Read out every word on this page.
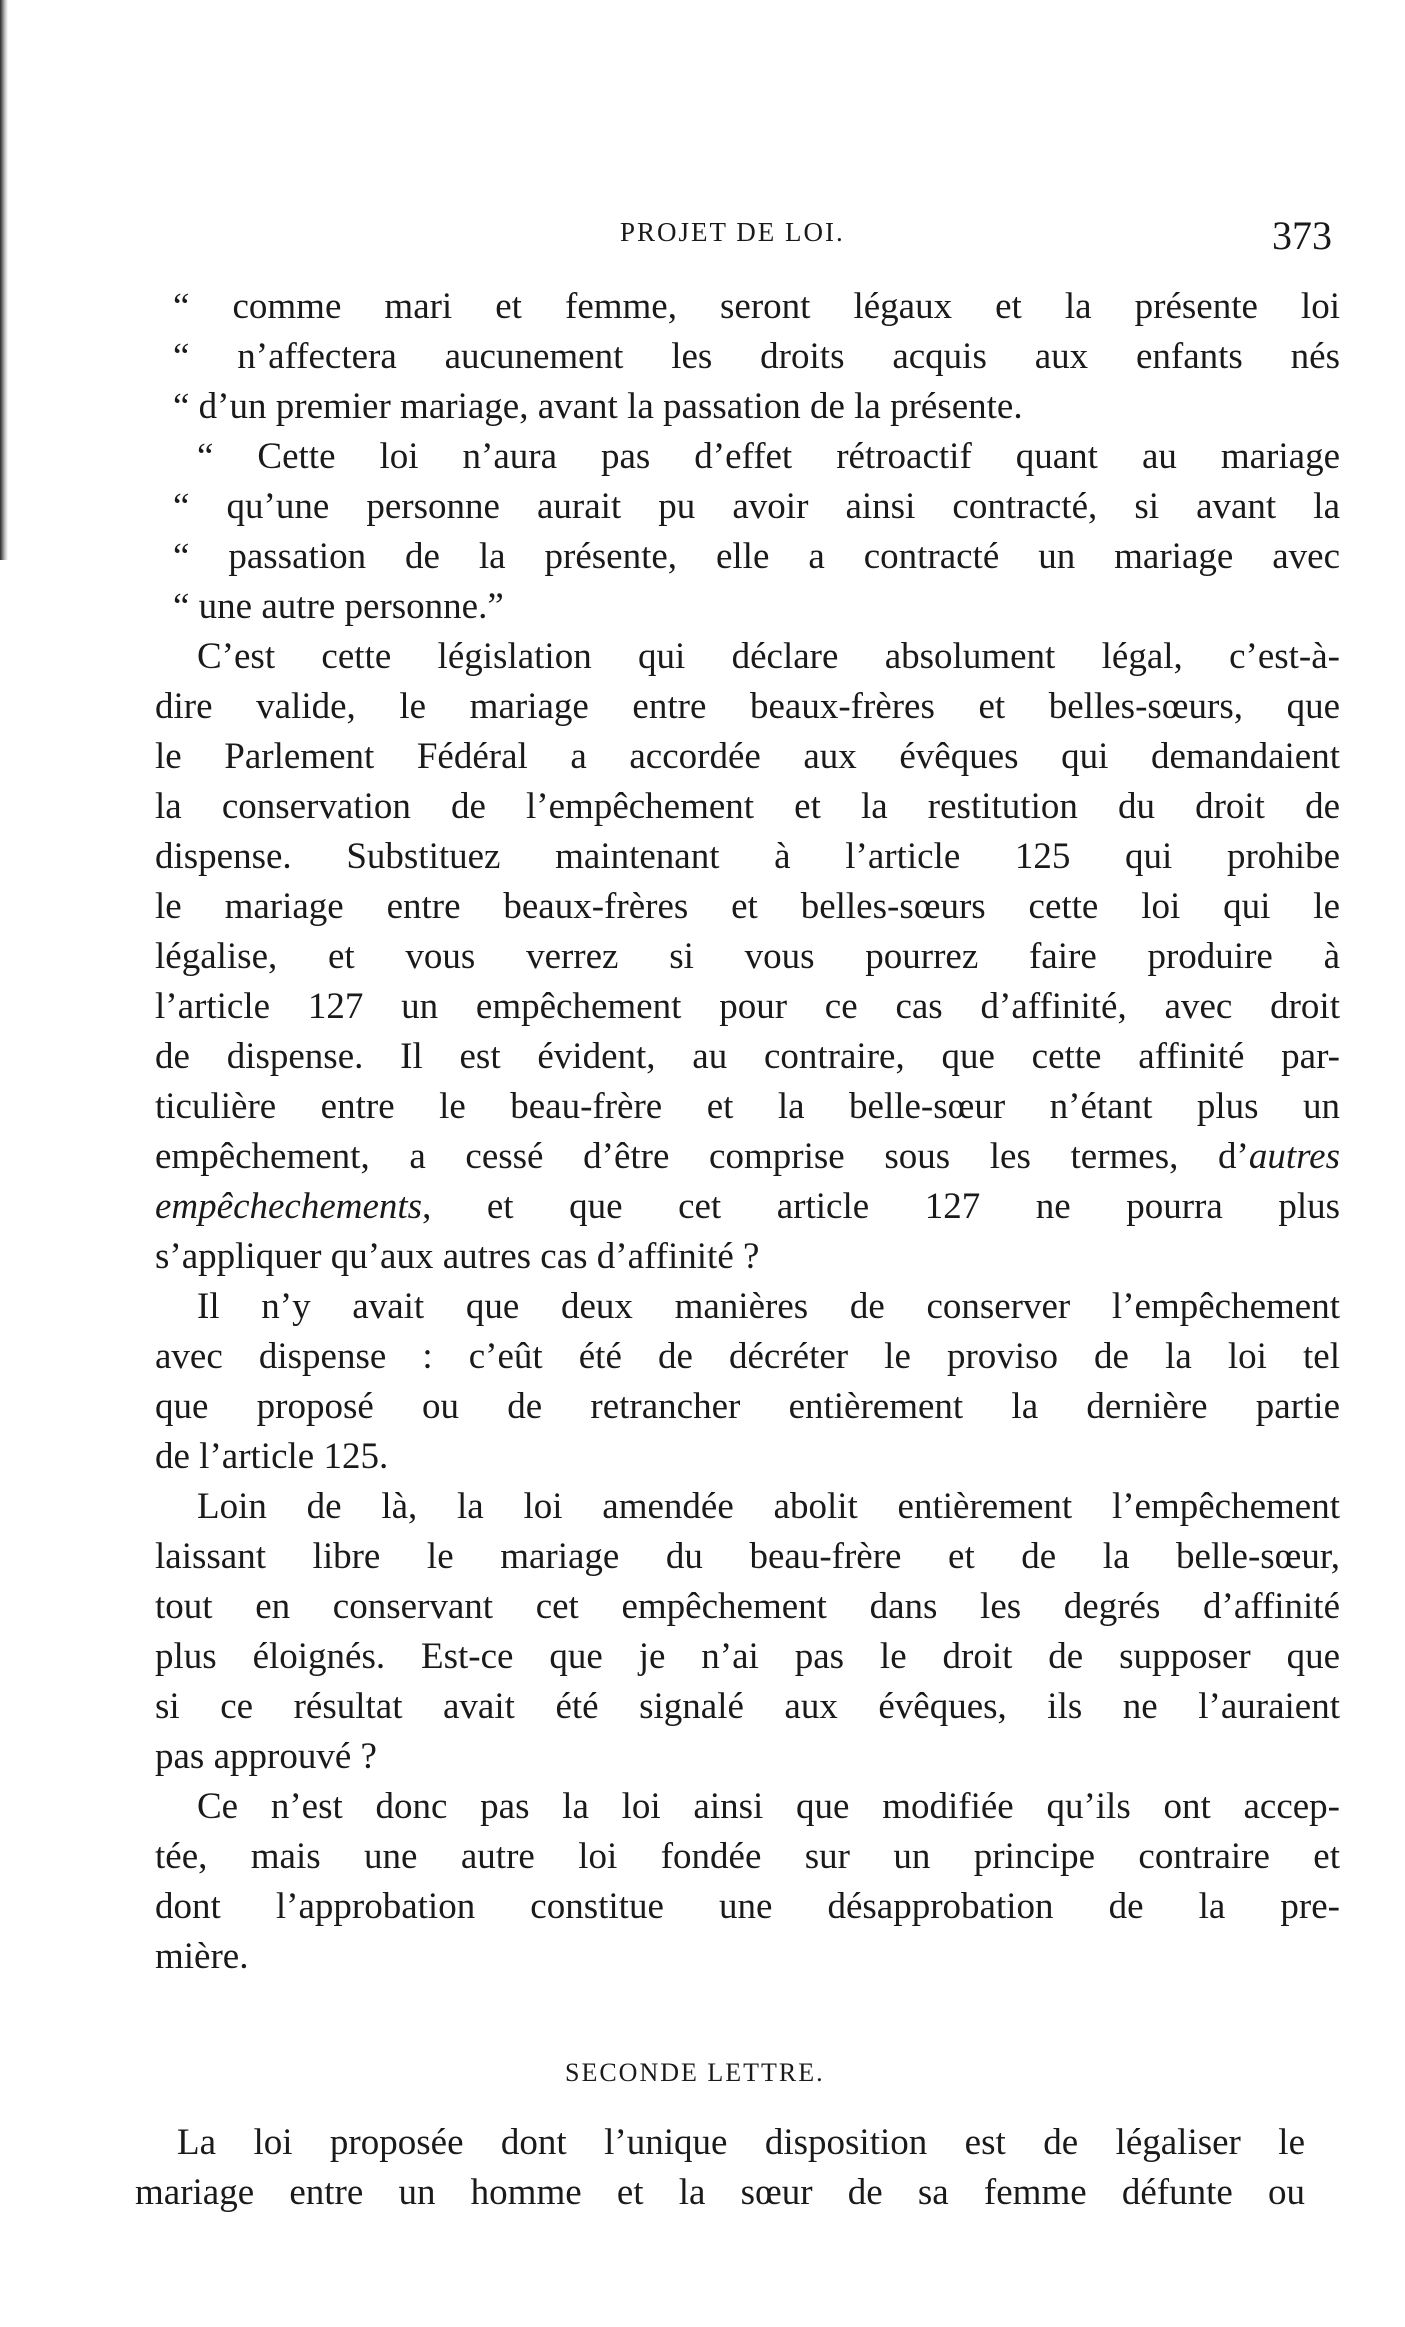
PROJET DE LOI.	373
“ comme mari et femme, seront légaux et la présente loi
“ n’affectera aucunement les droits acquis aux enfants nés
“ d’un premier mariage, avant la passation de la présente.
“ Cette loi n’aura pas d’effet rétroactif quant au mariage
“ qu’une personne aurait pu avoir ainsi contracté, si avant la
“ passation de la présente, elle a contracté un mariage avec
“ une autre personne.”
C’est cette législation qui déclare absolument légal, c’est-à-
dire valide, le mariage entre beaux-frères et belles-sœurs, que
le Parlement Fédéral a accordée aux évêques qui demandaient
la conservation de l’empêchement et la restitution du droit de
dispense. Substituez maintenant à l’article 125 qui prohibe
le mariage entre beaux-frères et belles-sœurs cette loi qui le
légalise, et vous verrez si vous pourrez faire produire à
l’article 127 un empêchement pour ce cas d’affinité, avec droit
de dispense. Il est évident, au contraire, que cette affinité par-
ticulière entre le beau-frère et la belle-sœur n’étant plus un
empêchement, a cessé d’être comprise sous les termes, d’autres
empêchechements, et que cet article 127 ne pourra plus
s’appliquer qu’aux autres cas d’affinité ?
Il n’y avait que deux manières de conserver l’empêchement
avec dispense : c’eût été de décréter le proviso de la loi tel
que proposé ou de retrancher entièrement la dernière partie
de l’article 125.
Loin de là, la loi amendée abolit entièrement l’empêchement
laissant libre le mariage du beau-frère et de la belle-sœur,
tout en conservant cet empêchement dans les degrés d’affinité
plus éloignés. Est-ce que je n’ai pas le droit de supposer que
si ce résultat avait été signalé aux évêques, ils ne l’auraient
pas approuvé ?
Ce n’est donc pas la loi ainsi que modifiée qu’ils ont accep-
tée, mais une autre loi fondée sur un principe contraire et
dont l’approbation constitue une désapprobation de la pre-
mière.
SECONDE LETTRE.
La loi proposée dont l’unique disposition est de légaliser le
mariage entre un homme et la sœur de sa femme défunte ou
